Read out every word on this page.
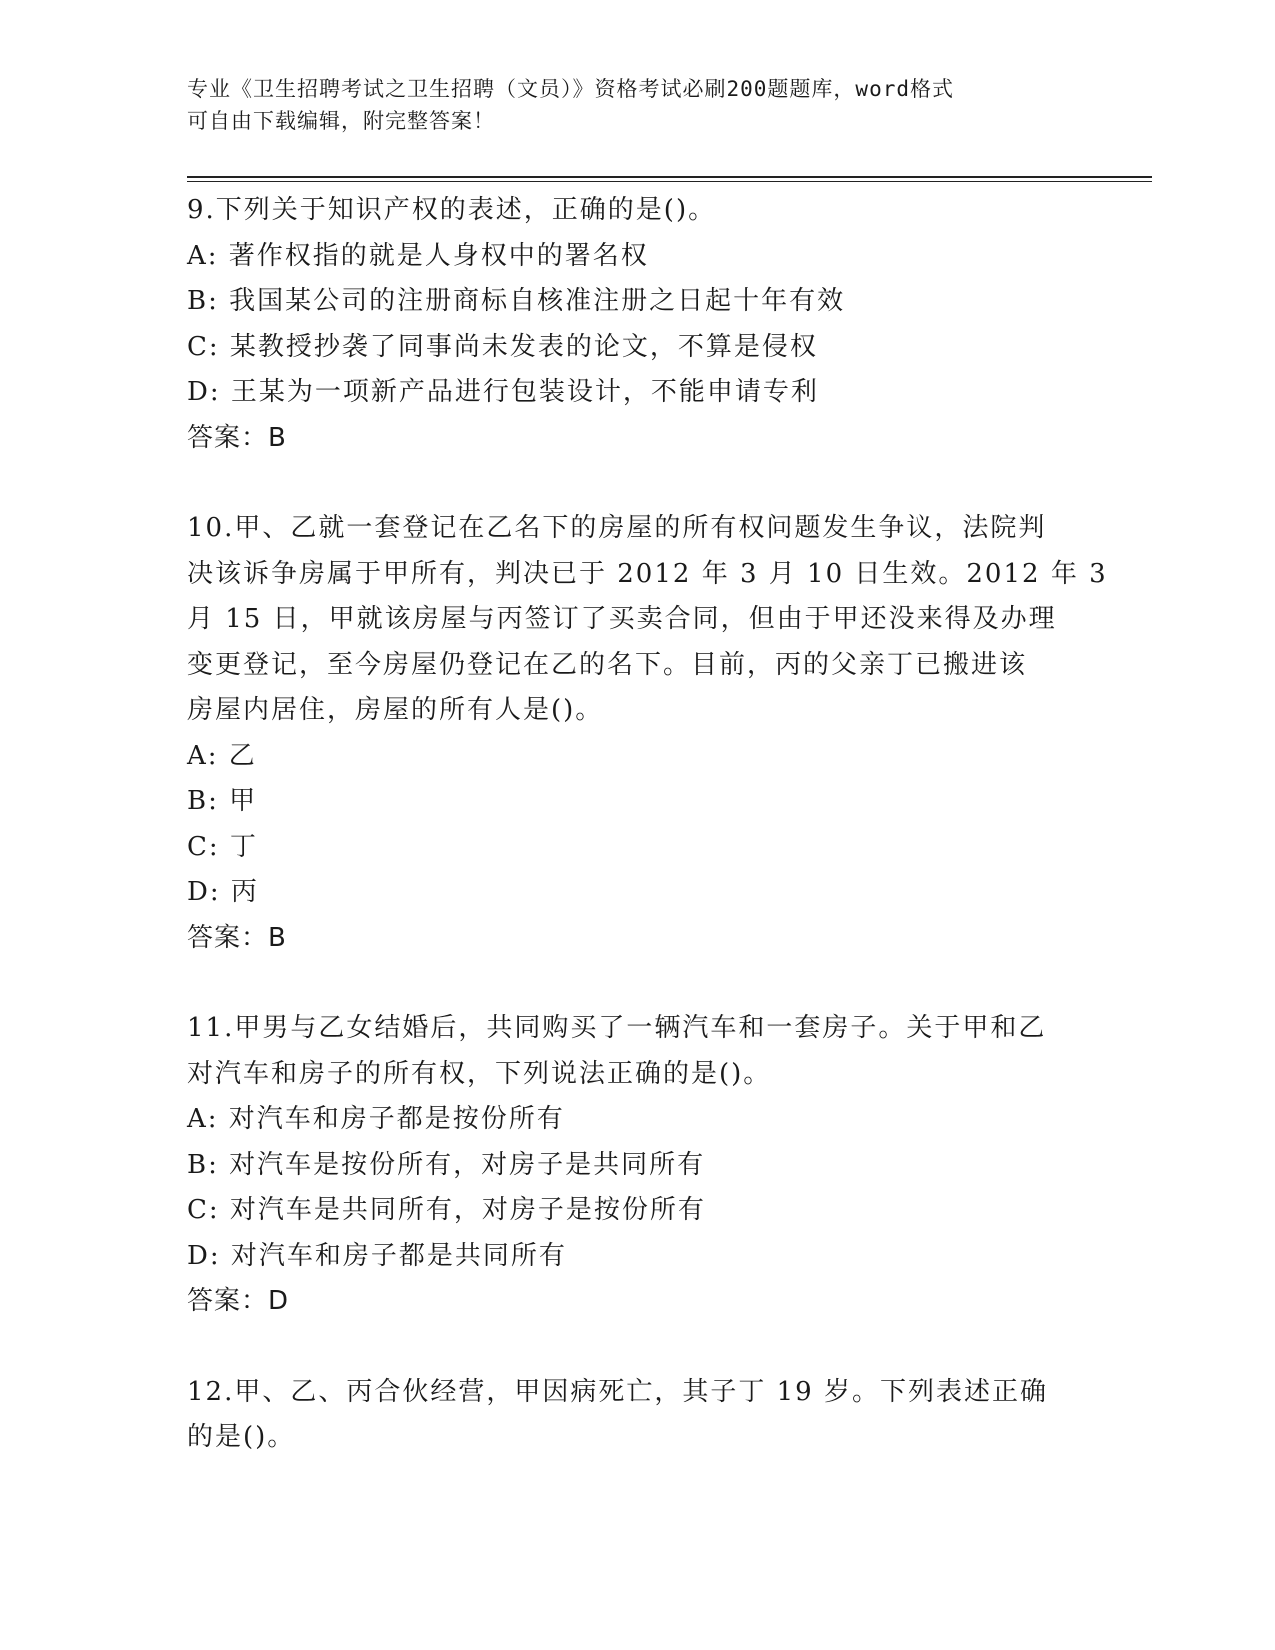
专业《卫生招聘考试之卫生招聘（文员）》资格考试必刷200题题库，word格式
可自由下载编辑，附完整答案！
9.下列关于知识产权的表述，正确的是()。
A: 著作权指的就是人身权中的署名权
B: 我国某公司的注册商标自核准注册之日起十年有效
C: 某教授抄袭了同事尚未发表的论文，不算是侵权
D: 王某为一项新产品进行包装设计，不能申请专利
答案：B
10.甲、乙就一套登记在乙名下的房屋的所有权问题发生争议，法院判
决该诉争房属于甲所有，判决已于 2012 年 3 月 10 日生效。2012 年 3
月 15 日，甲就该房屋与丙签订了买卖合同，但由于甲还没来得及办理
变更登记，至今房屋仍登记在乙的名下。目前，丙的父亲丁已搬进该
房屋内居住，房屋的所有人是()。
A: 乙
B: 甲
C: 丁
D: 丙
答案：B
11.甲男与乙女结婚后，共同购买了一辆汽车和一套房子。关于甲和乙
对汽车和房子的所有权，下列说法正确的是()。
A: 对汽车和房子都是按份所有
B: 对汽车是按份所有，对房子是共同所有
C: 对汽车是共同所有，对房子是按份所有
D: 对汽车和房子都是共同所有
答案：D
12.甲、乙、丙合伙经营，甲因病死亡，其子丁 19 岁。下列表述正确
的是()。
